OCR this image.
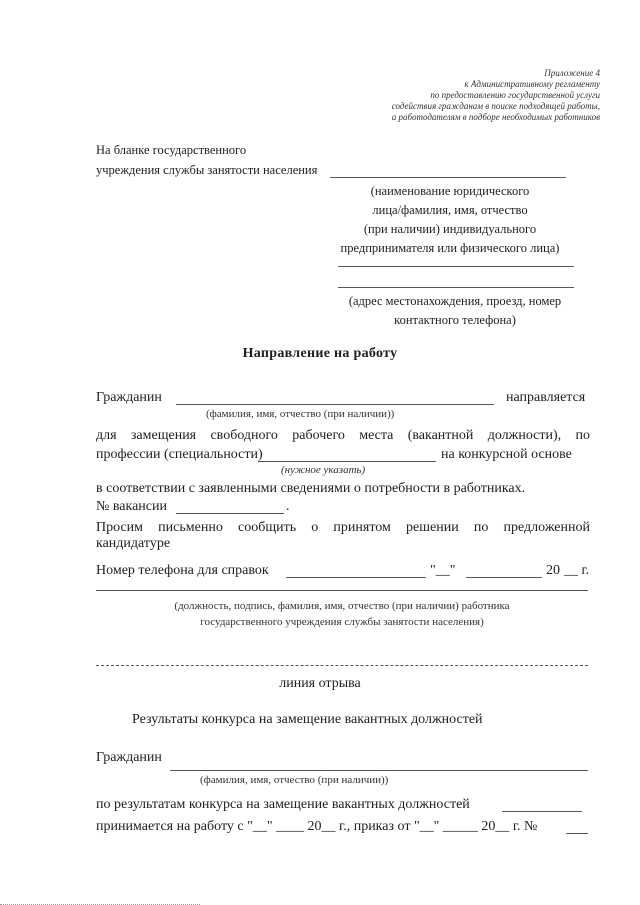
Приложение 4
к Административному регламенту
по предоставлению государственной услуги
содействия гражданам в поиске подходящей работы,
а работодателям в подборе необходимых работников
На бланке государственного
учреждения службы занятости населения
(наименование юридического
лица/фамилия, имя, отчество
(при наличии) индивидуального
предпринимателя или физического лица)
(адрес местонахождения, проезд, номер
контактного телефона)
Направление на работу
Гражданин	направляется
(фамилия, имя, отчество (при наличии))
для замещения свободного рабочего места (вакантной должности), по
профессии (специальности)	на конкурсной основе
(нужное указать)
в соответствии с заявленными сведениями о потребности в работниках.
№ вакансии	.
Просим письменно сообщить о принятом решении по предложенной
кандидатуре
Номер телефона для справок	"__"	20 __ г.
(должность, подпись, фамилия, имя, отчество (при наличии) работника
государственного учреждения службы занятости населения)
линия отрыва
Результаты конкурса на замещение вакантных должностей
Гражданин
(фамилия, имя, отчество (при наличии))
по результатам конкурса на замещение вакантных должностей
принимается на работу с "__" ____ 20__ г., приказ от "__" _____ 20__ г. №
